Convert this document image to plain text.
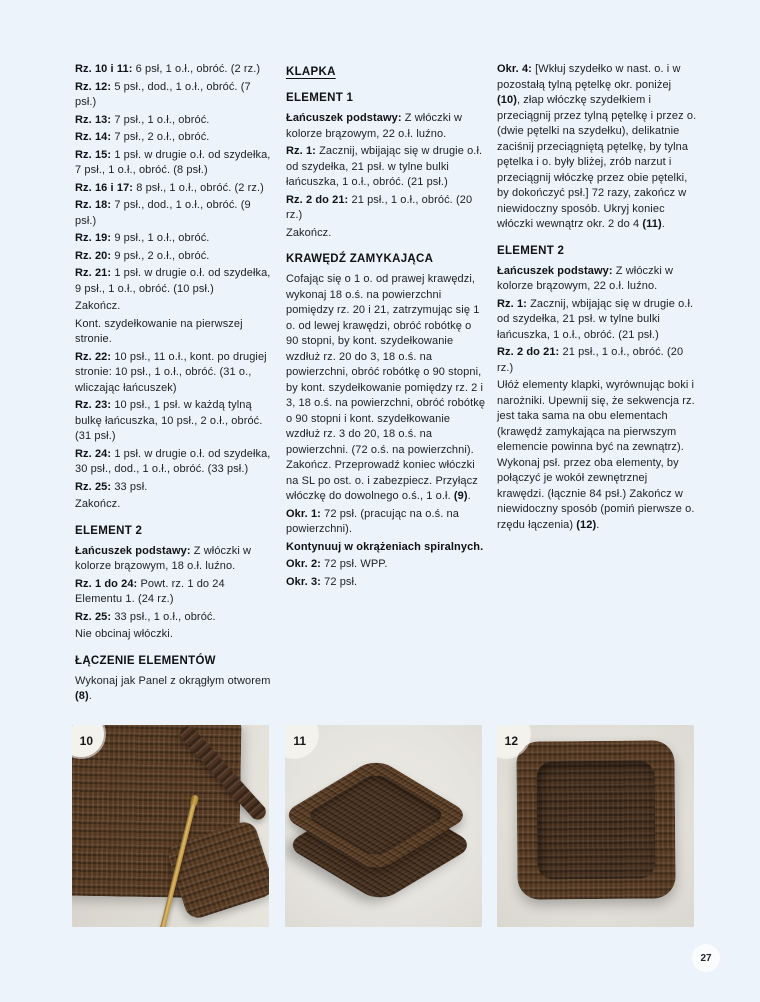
Rz. 10 i 11: 6 psł, 1 o.ł., obróć. (2 rz.)

Rz. 12: 5 psł., dod., 1 o.ł., obróć. (7 psł.)

Rz. 13: 7 psł., 1 o.ł., obróć.

Rz. 14: 7 psł., 2 o.ł., obróć.

Rz. 15: 1 psł. w drugie o.ł. od szydełka, 7 psł., 1 o.ł., obróć. (8 psł.)

Rz. 16 i 17: 8 psł., 1 o.ł., obróć. (2 rz.)

Rz. 18: 7 psł., dod., 1 o.ł., obróć. (9 psł.)

Rz. 19: 9 psł., 1 o.ł., obróć.

Rz. 20: 9 psł., 2 o.ł., obróć.

Rz. 21: 1 psł. w drugie o.ł. od szydełka, 9 psł., 1 o.ł., obróć. (10 psł.)

Zakończ.

Kont. szydełkowanie na pierwszej stronie.

Rz. 22: 10 psł., 11 o.ł., kont. po drugiej stronie: 10 psł., 1 o.ł., obróć. (31 o., wliczając łańcuszek)

Rz. 23: 10 psł., 1 psł. w każdą tylną bulkę łańcuszka, 10 psł., 2 o.ł., obróć. (31 psł.)

Rz. 24: 1 psł. w drugie o.ł. od szydełka, 30 psł., dod., 1 o.ł., obróć. (33 psł.)

Rz. 25: 33 psł.

Zakończ.

ELEMENT 2

Łańcuszek podstawy: Z włóczki w kolorze brązowym, 18 o.ł. luźno.

Rz. 1 do 24: Powt. rz. 1 do 24 Elementu 1. (24 rz.)

Rz. 25: 33 psł., 1 o.ł., obróć.

Nie obcinaj włóczki.

ŁĄCZENIE ELEMENTÓW

Wykonaj jak Panel z okrągłym otworem (8).

KLAPKA
ELEMENT 1

Łańcuszek podstawy: Z włóczki w kolorze brązowym, 22 o.ł. luźno.

Rz. 1: Zacznij, wbijając się w drugie o.ł. od szydełka, 21 psł. w tylne bulki łańcuszka, 1 o.ł., obróć. (21 psł.)

Rz. 2 do 21: 21 psł., 1 o.ł., obróć. (20 rz.)

Zakończ.

KRAWĘDŹ ZAMYKAJĄCA

Cofając się o 1 o. od prawej krawędzi, wykonaj 18 o.ś. na powierzchni pomiędzy rz. 20 i 21, zatrzymując się 1 o. od lewej krawędzi, obróć robótkę o 90 stopni, by kont. szydełkowanie wzdłuż rz. 20 do 3, 18 o.ś. na powierzchni, obróć robótkę o 90 stopni, by kont. szydełkowanie pomiędzy rz. 2 i 3, 18 o.ś. na powierzchni, obróć robótkę o 90 stopni i kont. szydełkowanie wzdłuż rz. 3 do 20, 18 o.ś. na powierzchni. (72 o.ś. na powierzchni). Zakończ. Przeprowadź koniec włóczki na SL po ost. o. i zabezpiecz. Przyłącz włóczkę do dowolnego o.ś., 1 o.ł. (9).

Okr. 1: 72 psł. (pracując na o.ś. na powierzchni).

Kontynuuj w okrążeniach spiralnych.

Okr. 2: 72 psł. WPP.

Okr. 3: 72 psł.

Okr. 4: [Wkłuj szydełko w nast. o. i w pozostałą tylną pętelkę okr. poniżej (10), złap włóczkę szydełkiem i przeciągnij przez tylną pętelkę i przez o. (dwie pętelki na szydełku), delikatnie zaciśnij przeciągniętą pętelkę, by tylna pętelka i o. były bliżej, zrób narzut i przeciągnij włóczkę przez obie pętelki, by dokończyć psł.] 72 razy, zakończ w niewidoczny sposób. Ukryj koniec włóczki wewnątrz okr. 2 do 4 (11).

ELEMENT 2

Łańcuszek podstawy: Z włóczki w kolorze brązowym, 22 o.ł. luźno.

Rz. 1: Zacznij, wbijając się w drugie o.ł. od szydełka, 21 psł. w tylne bulki łańcuszka, 1 o.ł., obróć. (21 psł.)

Rz. 2 do 21: 21 psł., 1 o.ł., obróć. (20 rz.)

Ułóż elementy klapki, wyrównując boki i narożniki. Upewnij się, że sekwencja rz. jest taka sama na obu elementach (krawędź zamykająca na pierwszym elemencie powinna być na zewnątrz). Wykonaj psł. przez oba elementy, by połączyć je wokół zewnętrznej krawędzi. (łącznie 84 psł.) Zakończ w niewidoczny sposób (pomiń pierwsze o. rzędu łączenia) (12).

10	11	12
27
